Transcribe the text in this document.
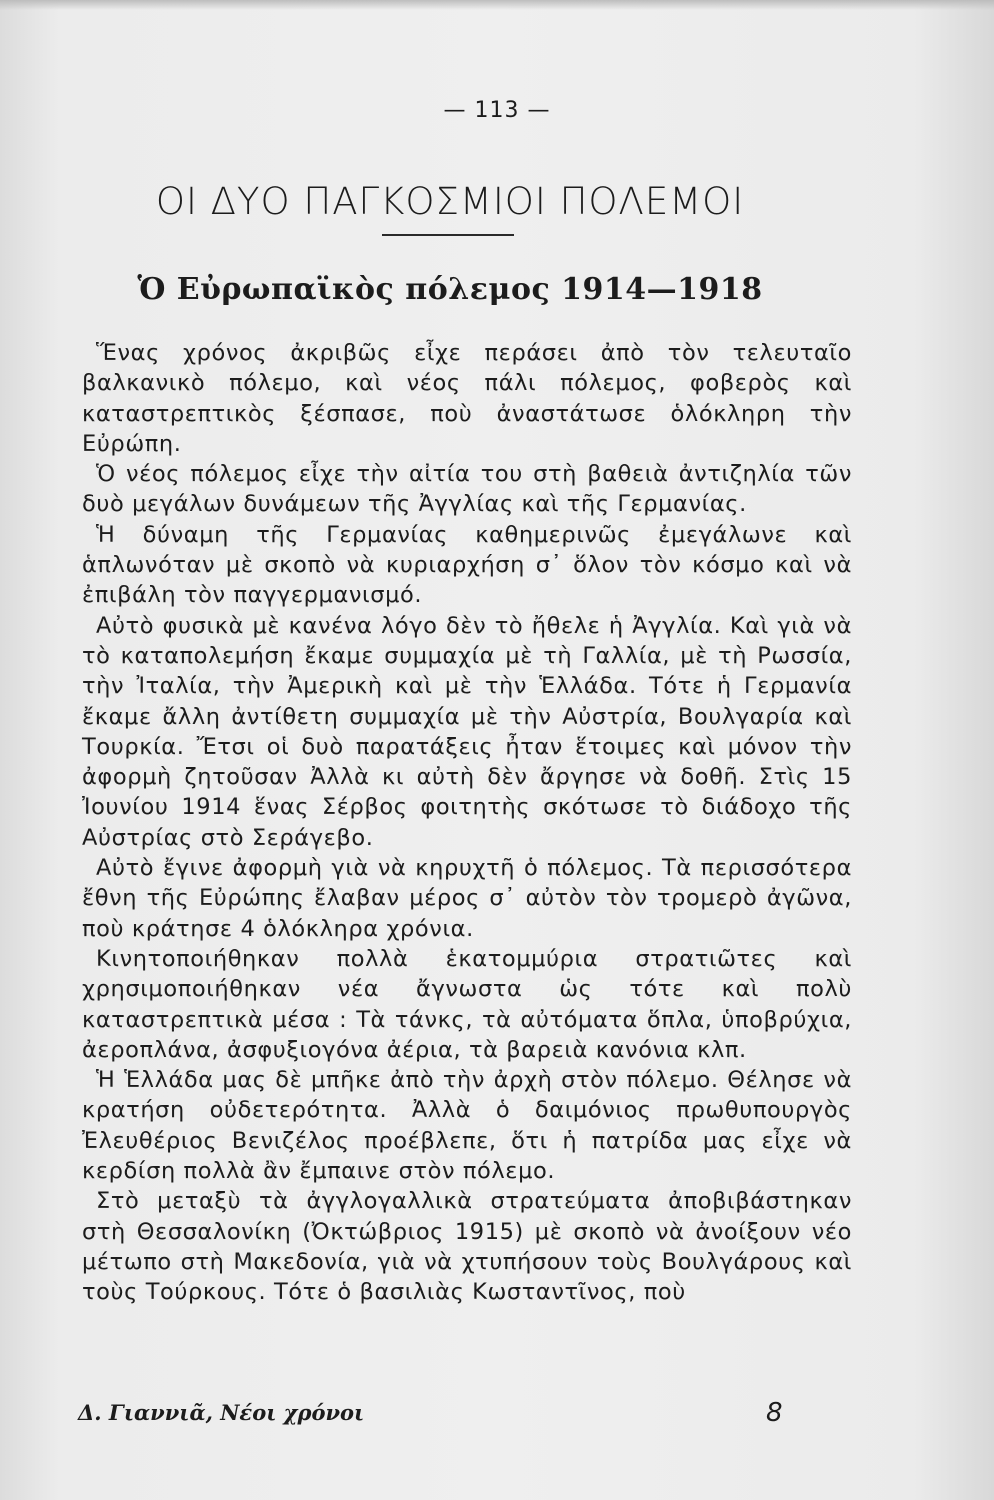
— 113 —
ΟΙ ΔΥΟ ΠΑΓΚΟΣΜΙΟΙ ΠΟΛΕΜΟΙ
Ὁ Εὐρωπαϊκὸς πόλεμος 1914—1918

Ἕνας χρόνος ἀκριβῶς εἶχε περάσει ἀπὸ τὸν τελευταῖο βαλκανικὸ πόλεμο, καὶ νέος πάλι πόλεμος, φοβερὸς καὶ καταστρεπτικὸς ξέσπασε, ποὺ ἀναστάτωσε ὁλόκληρη τὴν Εὐρώπη.

Ὁ νέος πόλεμος εἶχε τὴν αἰτία του στὴ βαθειὰ ἀντιζηλία τῶν δυὸ μεγάλων δυνάμεων τῆς Ἀγγλίας καὶ τῆς Γερμανίας.

Ἡ δύναμη τῆς Γερμανίας καθημερινῶς ἐμεγάλωνε καὶ ἁπλωνόταν μὲ σκοπὸ νὰ κυριαρχήση σ᾽ ὅλον τὸν κόσμο καὶ νὰ ἐπιβάλη τὸν παγγερμανισμό.

Αὐτὸ φυσικὰ μὲ κανένα λόγο δὲν τὸ ἤθελε ἡ Ἀγγλία. Καὶ γιὰ νὰ τὸ καταπολεμήση ἔκαμε συμμαχία μὲ τὴ Γαλλία, μὲ τὴ Ρωσσία, τὴν Ἰταλία, τὴν Ἀμερικὴ καὶ μὲ τὴν Ἑλλάδα. Τότε ἡ Γερμανία ἔκαμε ἄλλη ἀντίθετη συμμαχία μὲ τὴν Αὐστρία, Βουλγαρία καὶ Τουρκία. Ἔτσι οἱ δυὸ παρατάξεις ἦταν ἕτοιμες καὶ μόνον τὴν ἀφορμὴ ζητοῦσαν Ἀλλὰ κι αὐτὴ δὲν ἄργησε νὰ δοθῆ. Στὶς 15 Ἰουνίου 1914 ἕνας Σέρβος φοιτητὴς σκότωσε τὸ διάδοχο τῆς Αὐστρίας στὸ Σεράγεβο.

Αὐτὸ ἔγινε ἀφορμὴ γιὰ νὰ κηρυχτῆ ὁ πόλεμος. Τὰ περισσότερα ἔθνη τῆς Εὐρώπης ἔλαβαν μέρος σ᾽ αὐτὸν τὸν τρομερὸ ἀγῶνα, ποὺ κράτησε 4 ὁλόκληρα χρόνια.

Κινητοποιήθηκαν πολλὰ ἑκατομμύρια στρατιῶτες καὶ χρησιμοποιήθηκαν νέα ἄγνωστα ὡς τότε καὶ πολὺ καταστρεπτικὰ μέσα : Τὰ τάνκς, τὰ αὐτόματα ὅπλα, ὑποβρύχια, ἀεροπλάνα, ἀσφυξιογόνα ἀέρια, τὰ βαρειὰ κανόνια κλπ.

Ἡ Ἑλλάδα μας δὲ μπῆκε ἀπὸ τὴν ἀρχὴ στὸν πόλεμο. Θέλησε νὰ κρατήση οὐδετερότητα. Ἀλλὰ ὁ δαιμόνιος πρωθυπουργὸς Ἐλευθέριος Βενιζέλος προέβλεπε, ὅτι ἡ πατρίδα μας εἶχε νὰ κερδίση πολλὰ ἂν ἔμπαινε στὸν πόλεμο.

Στὸ μεταξὺ τὰ ἀγγλογαλλικὰ στρατεύματα ἀποβιβάστηκαν στὴ Θεσσαλονίκη (Ὀκτώβριος 1915) μὲ σκοπὸ νὰ ἀνοίξουν νέο μέτωπο στὴ Μακεδονία, γιὰ νὰ χτυπήσουν τοὺς Βουλγάρους καὶ τοὺς Τούρκους. Τότε ὁ βασιλιὰς Κωσταντῖνος, ποὺ

Δ. Γιαννιᾶ, Νέοι χρόνοι	8
